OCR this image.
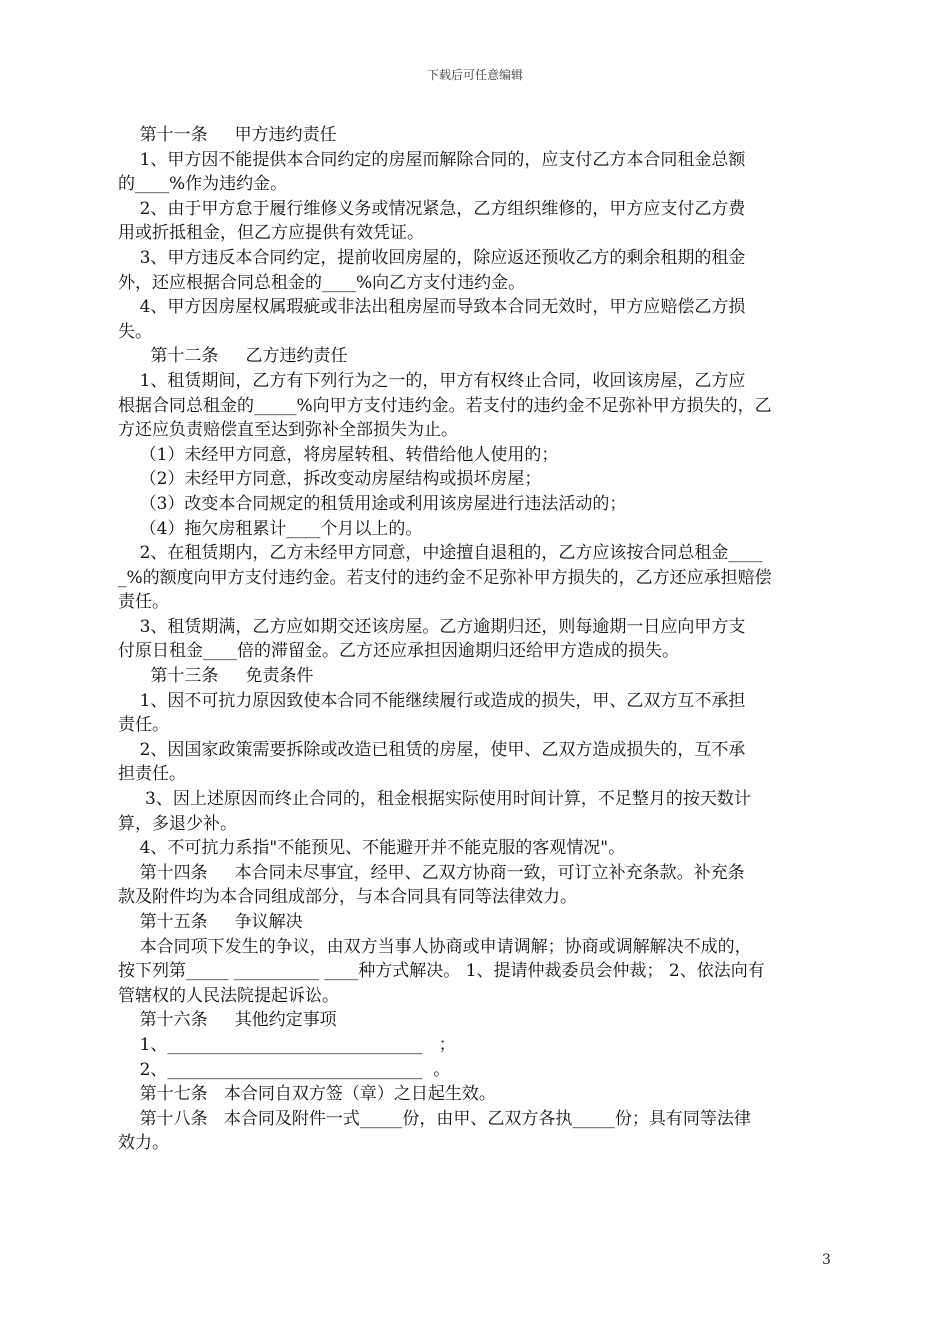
下载后可任意编辑
第十一条     甲方违约责任
1、甲方因不能提供本合同约定的房屋而解除合同的，应支付乙方本合同租金总额
的____%作为违约金。
2、由于甲方怠于履行维修义务或情况紧急，乙方组织维修的，甲方应支付乙方费
用或折抵租金，但乙方应提供有效凭证。
3、甲方违反本合同约定，提前收回房屋的，除应返还预收乙方的剩余租期的租金
外，还应根据合同总租金的____%向乙方支付违约金。
4、甲方因房屋权属瑕疵或非法出租房屋而导致本合同无效时，甲方应赔偿乙方损
失。
第十二条     乙方违约责任
1、租赁期间，乙方有下列行为之一的，甲方有权终止合同，收回该房屋，乙方应
根据合同总租金的_____%向甲方支付违约金。若支付的违约金不足弥补甲方损失的，乙
方还应负责赔偿直至达到弥补全部损失为止。
（1）未经甲方同意，将房屋转租、转借给他人使用的；
（2）未经甲方同意，拆改变动房屋结构或损坏房屋；
（3）改变本合同规定的租赁用途或利用该房屋进行违法活动的；
（4）拖欠房租累计____个月以上的。
2、在租赁期内，乙方未经甲方同意，中途擅自退租的，乙方应该按合同总租金____
_%的额度向甲方支付违约金。若支付的违约金不足弥补甲方损失的，乙方还应承担赔偿
责任。
3、租赁期满，乙方应如期交还该房屋。乙方逾期归还，则每逾期一日应向甲方支
付原日租金____倍的滞留金。乙方还应承担因逾期归还给甲方造成的损失。
第十三条     免责条件
1、因不可抗力原因致使本合同不能继续履行或造成的损失，甲、乙双方互不承担
责任。
2、因国家政策需要拆除或改造已租赁的房屋，使甲、乙双方造成损失的，互不承
担责任。
3、因上述原因而终止合同的，租金根据实际使用时间计算，不足整月的按天数计
算，多退少补。
4、不可抗力系指"不能预见、不能避开并不能克服的客观情况"。
第十四条     本合同未尽事宜，经甲、乙双方协商一致，可订立补充条款。补充条
款及附件均为本合同组成部分，与本合同具有同等法律效力。
第十五条     争议解决
本合同项下发生的争议，由双方当事人协商或申请调解；协商或调解解决不成的，
按下列第_____ __________ ____种方式解决。 1、提请仲裁委员会仲裁； 2、依法向有
管辖权的人民法院提起诉讼。
第十六条     其他约定事项
1、______________________________   ；
2、______________________________  。
第十七条   本合同自双方签（章）之日起生效。
第十八条   本合同及附件一式_____份，由甲、乙双方各执_____份；具有同等法律
效力。
3
